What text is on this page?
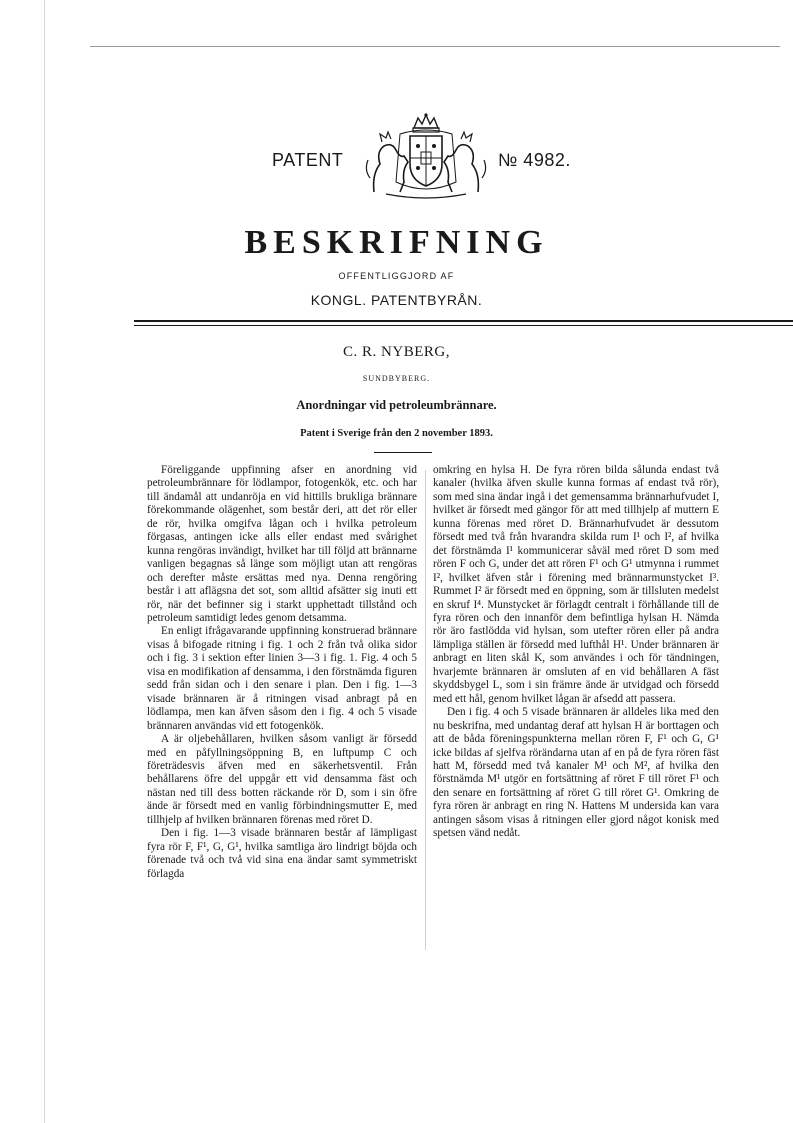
PATENT	№ 4982.
BESKRIFNING
OFFENTLIGGJORD AF
KONGL. PATENTBYRÅN.
C. R. NYBERG,
SUNDBYBERG.
Anordningar vid petroleumbrännare.
Patent i Sverige från den 2 november 1893.

Föreliggande uppfinning afser en anordning vid petroleumbrännare för lödlampor, fotogenkök, etc. och har till ändamål att undanröja en vid hittills brukliga brännare förekommande olägenhet, som består deri, att det rör eller de rör, hvilka omgifva lågan och i hvilka petroleum förgasas, antingen icke alls eller endast med svårighet kunna rengöras invändigt, hvilket har till följd att brännarne vanligen begagnas så länge som möjligt utan att rengöras och derefter måste ersättas med nya. Denna rengöring består i att aflägsna det sot, som alltid afsätter sig inuti ett rör, när det befinner sig i starkt upphettadt tillstånd och petroleum samtidigt ledes genom detsamma.

En enligt ifrågavarande uppfinning konstruerad brännare visas å bifogade ritning i fig. 1 och 2 från två olika sidor och i fig. 3 i sektion efter linien 3—3 i fig. 1. Fig. 4 och 5 visa en modifikation af densamma, i den förstnämda figuren sedd från sidan och i den senare i plan. Den i fig. 1—3 visade brännaren är å ritningen visad anbragt på en lödlampa, men kan äfven såsom den i fig. 4 och 5 visade brännaren användas vid ett fotogenkök.

A är oljebehållaren, hvilken såsom vanligt är försedd med en påfyllningsöppning B, en luftpump C och företrädesvis äfven med en säkerhetsventil. Från behållarens öfre del uppgår ett vid densamma fäst och nästan ned till dess botten räckande rör D, som i sin öfre ände är försedt med en vanlig förbindningsmutter E, med tillhjelp af hvilken brännaren förenas med röret D.

Den i fig. 1—3 visade brännaren består af lämpligast fyra rör F, F¹, G, G¹, hvilka samtliga äro lindrigt böjda och förenade två och två vid sina ena ändar samt symmetriskt förlagda

omkring en hylsa H. De fyra rören bilda sålunda endast två kanaler (hvilka äfven skulle kunna formas af endast två rör), som med sina ändar ingå i det gemensamma brännarhufvudet I, hvilket är försedt med gängor för att med tillhjelp af muttern E kunna förenas med röret D. Brännarhufvudet är dessutom försedt med två från hvarandra skilda rum I¹ och I², af hvilka det förstnämda I¹ kommunicerar såväl med röret D som med rören F och G, under det att rören F¹ och G¹ utmynna i rummet I², hvilket äfven står i förening med brännarmunstycket I³. Rummet I² är försedt med en öppning, som är tillsluten medelst en skruf I⁴. Munstycket är förlagdt centralt i förhållande till de fyra rören och den innanför dem befintliga hylsan H. Nämda rör äro fastlödda vid hylsan, som utefter rören eller på andra lämpliga ställen är försedd med lufthål H¹. Under brännaren är anbragt en liten skål K, som användes i och för tändningen, hvarjemte brännaren är omsluten af en vid behållaren A fäst skyddsbygel L, som i sin främre ände är utvidgad och försedd med ett hål, genom hvilket lågan är afsedd att passera.

Den i fig. 4 och 5 visade brännaren är alldeles lika med den nu beskrifna, med undantag deraf att hylsan H är borttagen och att de båda föreningspunkterna mellan rören F, F¹ och G, G¹ icke bildas af sjelfva rörändarna utan af en på de fyra rören fäst hatt M, försedd med två kanaler M¹ och M², af hvilka den förstnämda M¹ utgör en fortsättning af röret F till röret F¹ och den senare en fortsättning af röret G till röret G¹. Omkring de fyra rören är anbragt en ring N. Hattens M undersida kan vara antingen såsom visas å ritningen eller gjord något konisk med spetsen vänd nedåt.
